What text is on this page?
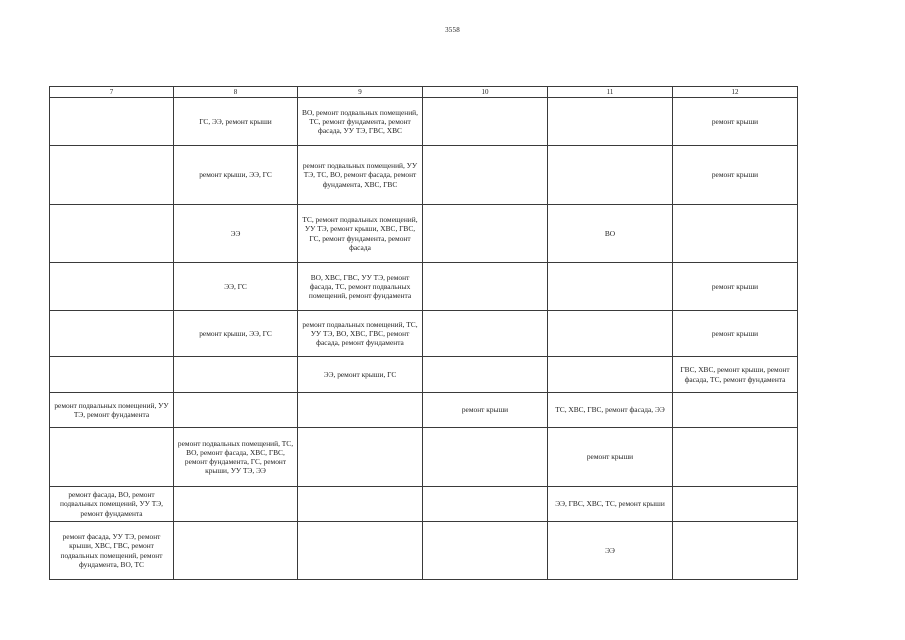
3558
7	8	9	10	11	12
	ГС, ЭЭ, ремонт крыши	ВО, ремонт подвальных помещений, ТС, ремонт фундамента, ремонт фасада, УУ ТЭ, ГВС, ХВС			ремонт крыши
	ремонт крыши, ЭЭ, ГС	ремонт подвальных помещений, УУ ТЭ, ТС, ВО, ремонт фасада, ремонт фундамента, ХВС, ГВС			ремонт крыши
	ЭЭ	ТС, ремонт подвальных помещений, УУ ТЭ, ремонт крыши, ХВС, ГВС, ГС, ремонт фундамента, ремонт фасада		ВО	
	ЭЭ, ГС	ВО, ХВС, ГВС, УУ ТЭ, ремонт фасада, ТС, ремонт подвальных помещений, ремонт фундамента			ремонт крыши
	ремонт крыши, ЭЭ, ГС	ремонт подвальных помещений, ТС, УУ ТЭ, ВО, ХВС, ГВС, ремонт фасада, ремонт фундамента			ремонт крыши
		ЭЭ, ремонт крыши, ГС			ГВС, ХВС, ремонт крыши, ремонт фасада, ТС, ремонт фундамента
ремонт подвальных помещений, УУ ТЭ, ремонт фундамента			ремонт крыши	ТС, ХВС, ГВС, ремонт фасада, ЭЭ	
	ремонт подвальных помещений, ТС, ВО, ремонт фасада, ХВС, ГВС, ремонт фундамента, ГС, ремонт крыши, УУ ТЭ, ЭЭ			ремонт крыши	
ремонт фасада, ВО, ремонт подвальных помещений, УУ ТЭ, ремонт фундамента				ЭЭ, ГВС, ХВС, ТС, ремонт крыши	
ремонт фасада, УУ ТЭ, ремонт крыши, ХВС, ГВС, ремонт подвальных помещений, ремонт фундамента, ВО, ТС				ЭЭ	
